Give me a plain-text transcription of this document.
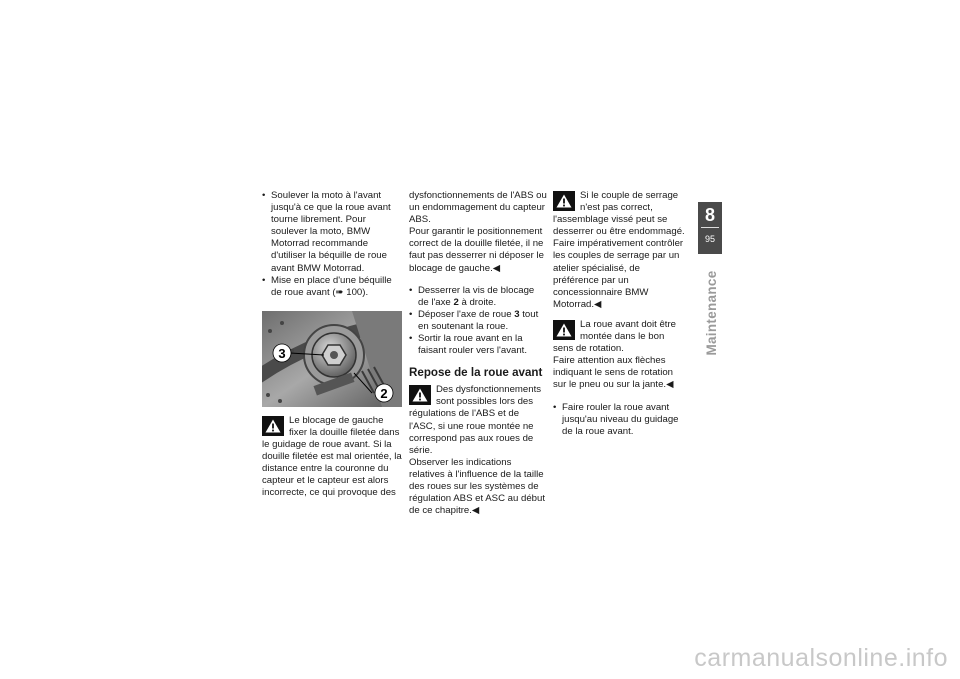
• Soulever la moto à l'avant jusqu'à ce que la roue avant tourne librement. Pour soulever la moto, BMW Motorrad recommande d'utiliser la béquille de roue avant BMW Motorrad.
• Mise en place d'une béquille de roue avant (➠ 100).
3
2

Le blocage de gauche fixer la douille filetée dans le guidage de roue avant. Si la douille filetée est mal orientée, la distance entre la couronne du capteur et le capteur est alors incorrecte, ce qui provoque des

dysfonctionnements de l'ABS ou un endommagement du capteur ABS.

Pour garantir le positionnement correct de la douille filetée, il ne faut pas desserrer ni déposer le blocage de gauche.◀

• Desserrer la vis de blocage de l'axe 2 à droite.
• Déposer l'axe de roue 3 tout en soutenant la roue.
• Sortir la roue avant en la faisant rouler vers l'avant.
Repose de la roue avant

Des dysfonctionnements sont possibles lors des régulations de l'ABS et de l'ASC, si une roue montée ne correspond pas aux roues de série.

Observer les indications relatives à l'influence de la taille des roues sur les systèmes de régulation ABS et ASC au début de ce chapitre.◀

Si le couple de serrage n'est pas correct, l'assemblage vissé peut se desserrer ou être endommagé.

Faire impérativement contrôler les couples de serrage par un atelier spécialisé, de préférence par un concessionnaire BMW Motorrad.◀

La roue avant doit être montée dans le bon sens de rotation.

Faire attention aux flèches indiquant le sens de rotation sur le pneu ou sur la jante.◀

• Faire rouler la roue avant jusqu'au niveau du guidage de la roue avant.
8
95
Maintenance
carmanualsonline.info
